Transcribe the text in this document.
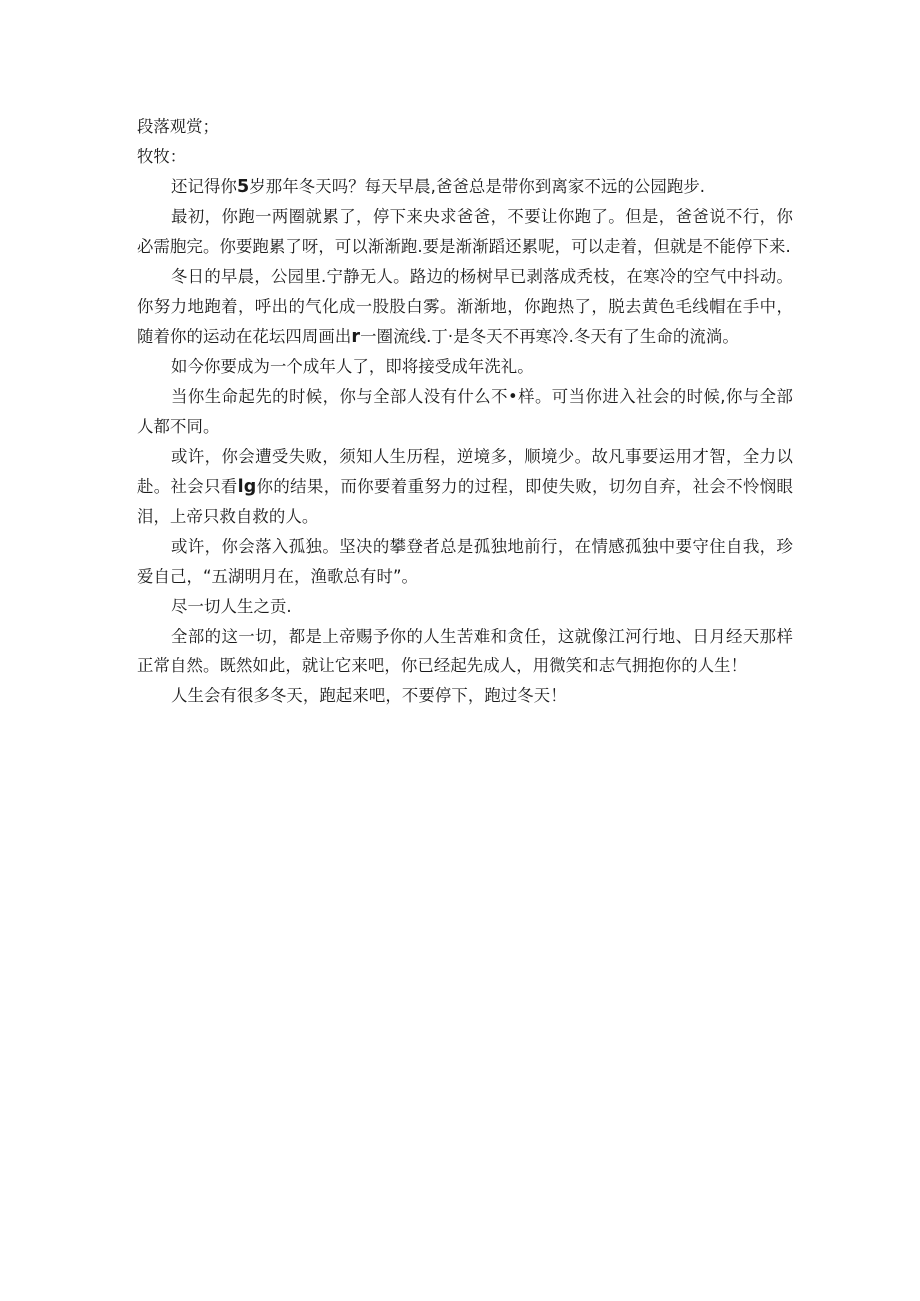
段落观赏；

牧牧：

还记得你5岁那年冬天吗？每天早晨,爸爸总是带你到离家不远的公园跑步.

最初，你跑一两圈就累了，停下来央求爸爸，不要让你跑了。但是，爸爸说不行，你必需胞完。你要跑累了呀，可以渐渐跑.要是渐渐蹈还累呢，可以走着，但就是不能停下来.

冬日的早晨，公园里.宁静无人。路边的杨树早已剥落成秃枝，在寒冷的空气中抖动。你努力地跑着，呼出的气化成一股股白雾。渐渐地，你跑热了，脱去黄色毛线帽在手中，随着你的运动在花坛四周画出r一圈流线.丁·是冬天不再寒冷.冬天有了生命的流淌。

如今你要成为一个成年人了，即将接受成年洗礼。

当你生命起先的时候，你与全部人没有什么不•样。可当你进入社会的时候,你与全部人都不同。

或许，你会遭受失败，须知人生历程，逆境多，顺境少。故凡事要运用才智，全力以赴。社会只看lg你的结果，而你要着重努力的过程，即使失败，切勿自弃，社会不怜悯眼泪，上帝只救自救的人。

或许，你会落入孤独。坚决的攀登者总是孤独地前行，在情感孤独中要守住自我，珍爱自己，“五湖明月在，渔歌总有时”。

尽一切人生之贡.

全部的这一切，都是上帝赐予你的人生苦难和贪任，这就像江河行地、日月经天那样正常自然。既然如此，就让它来吧，你已经起先成人，用微笑和志气拥抱你的人生！

人生会有很多冬天，跑起来吧，不要停下，跑过冬天！
